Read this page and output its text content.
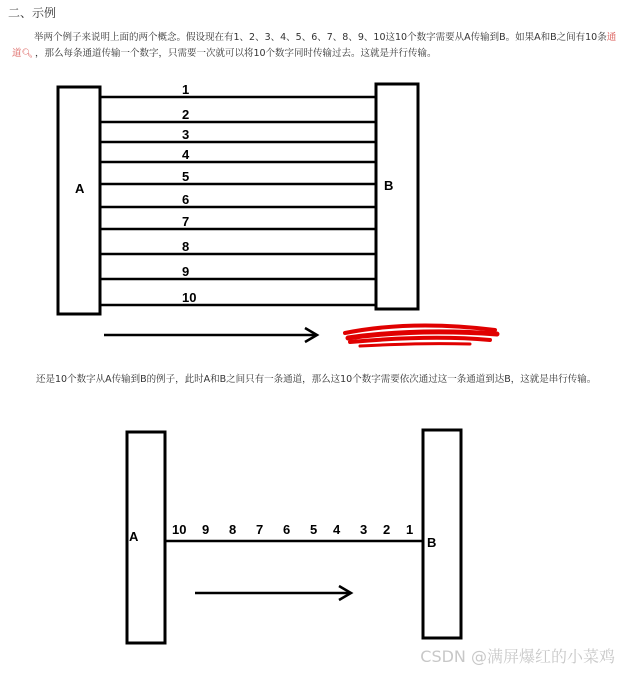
二、示例
举两个例子来说明上面的两个概念。假设现在有1、2、3、4、5、6、7、8、9、10这10个数字需要从A传输到B。如果A和B之间有10条通道🔍︎ ，那么每条通道传输一个数字，只需要一次就可以将10个数字同时传输过去。这就是并行传输。
A	B
1
2
3
4
5
6
7
8
9
10
A	B
10 9 8 7 6 5 4 3 2 1
还是10个数字从A传输到B的例子，此时A和B之间只有一条通道，那么这10个数字需要依次通过这一条通道到达B，这就是串行传输。
CSDN @满屏爆红的小菜鸡
